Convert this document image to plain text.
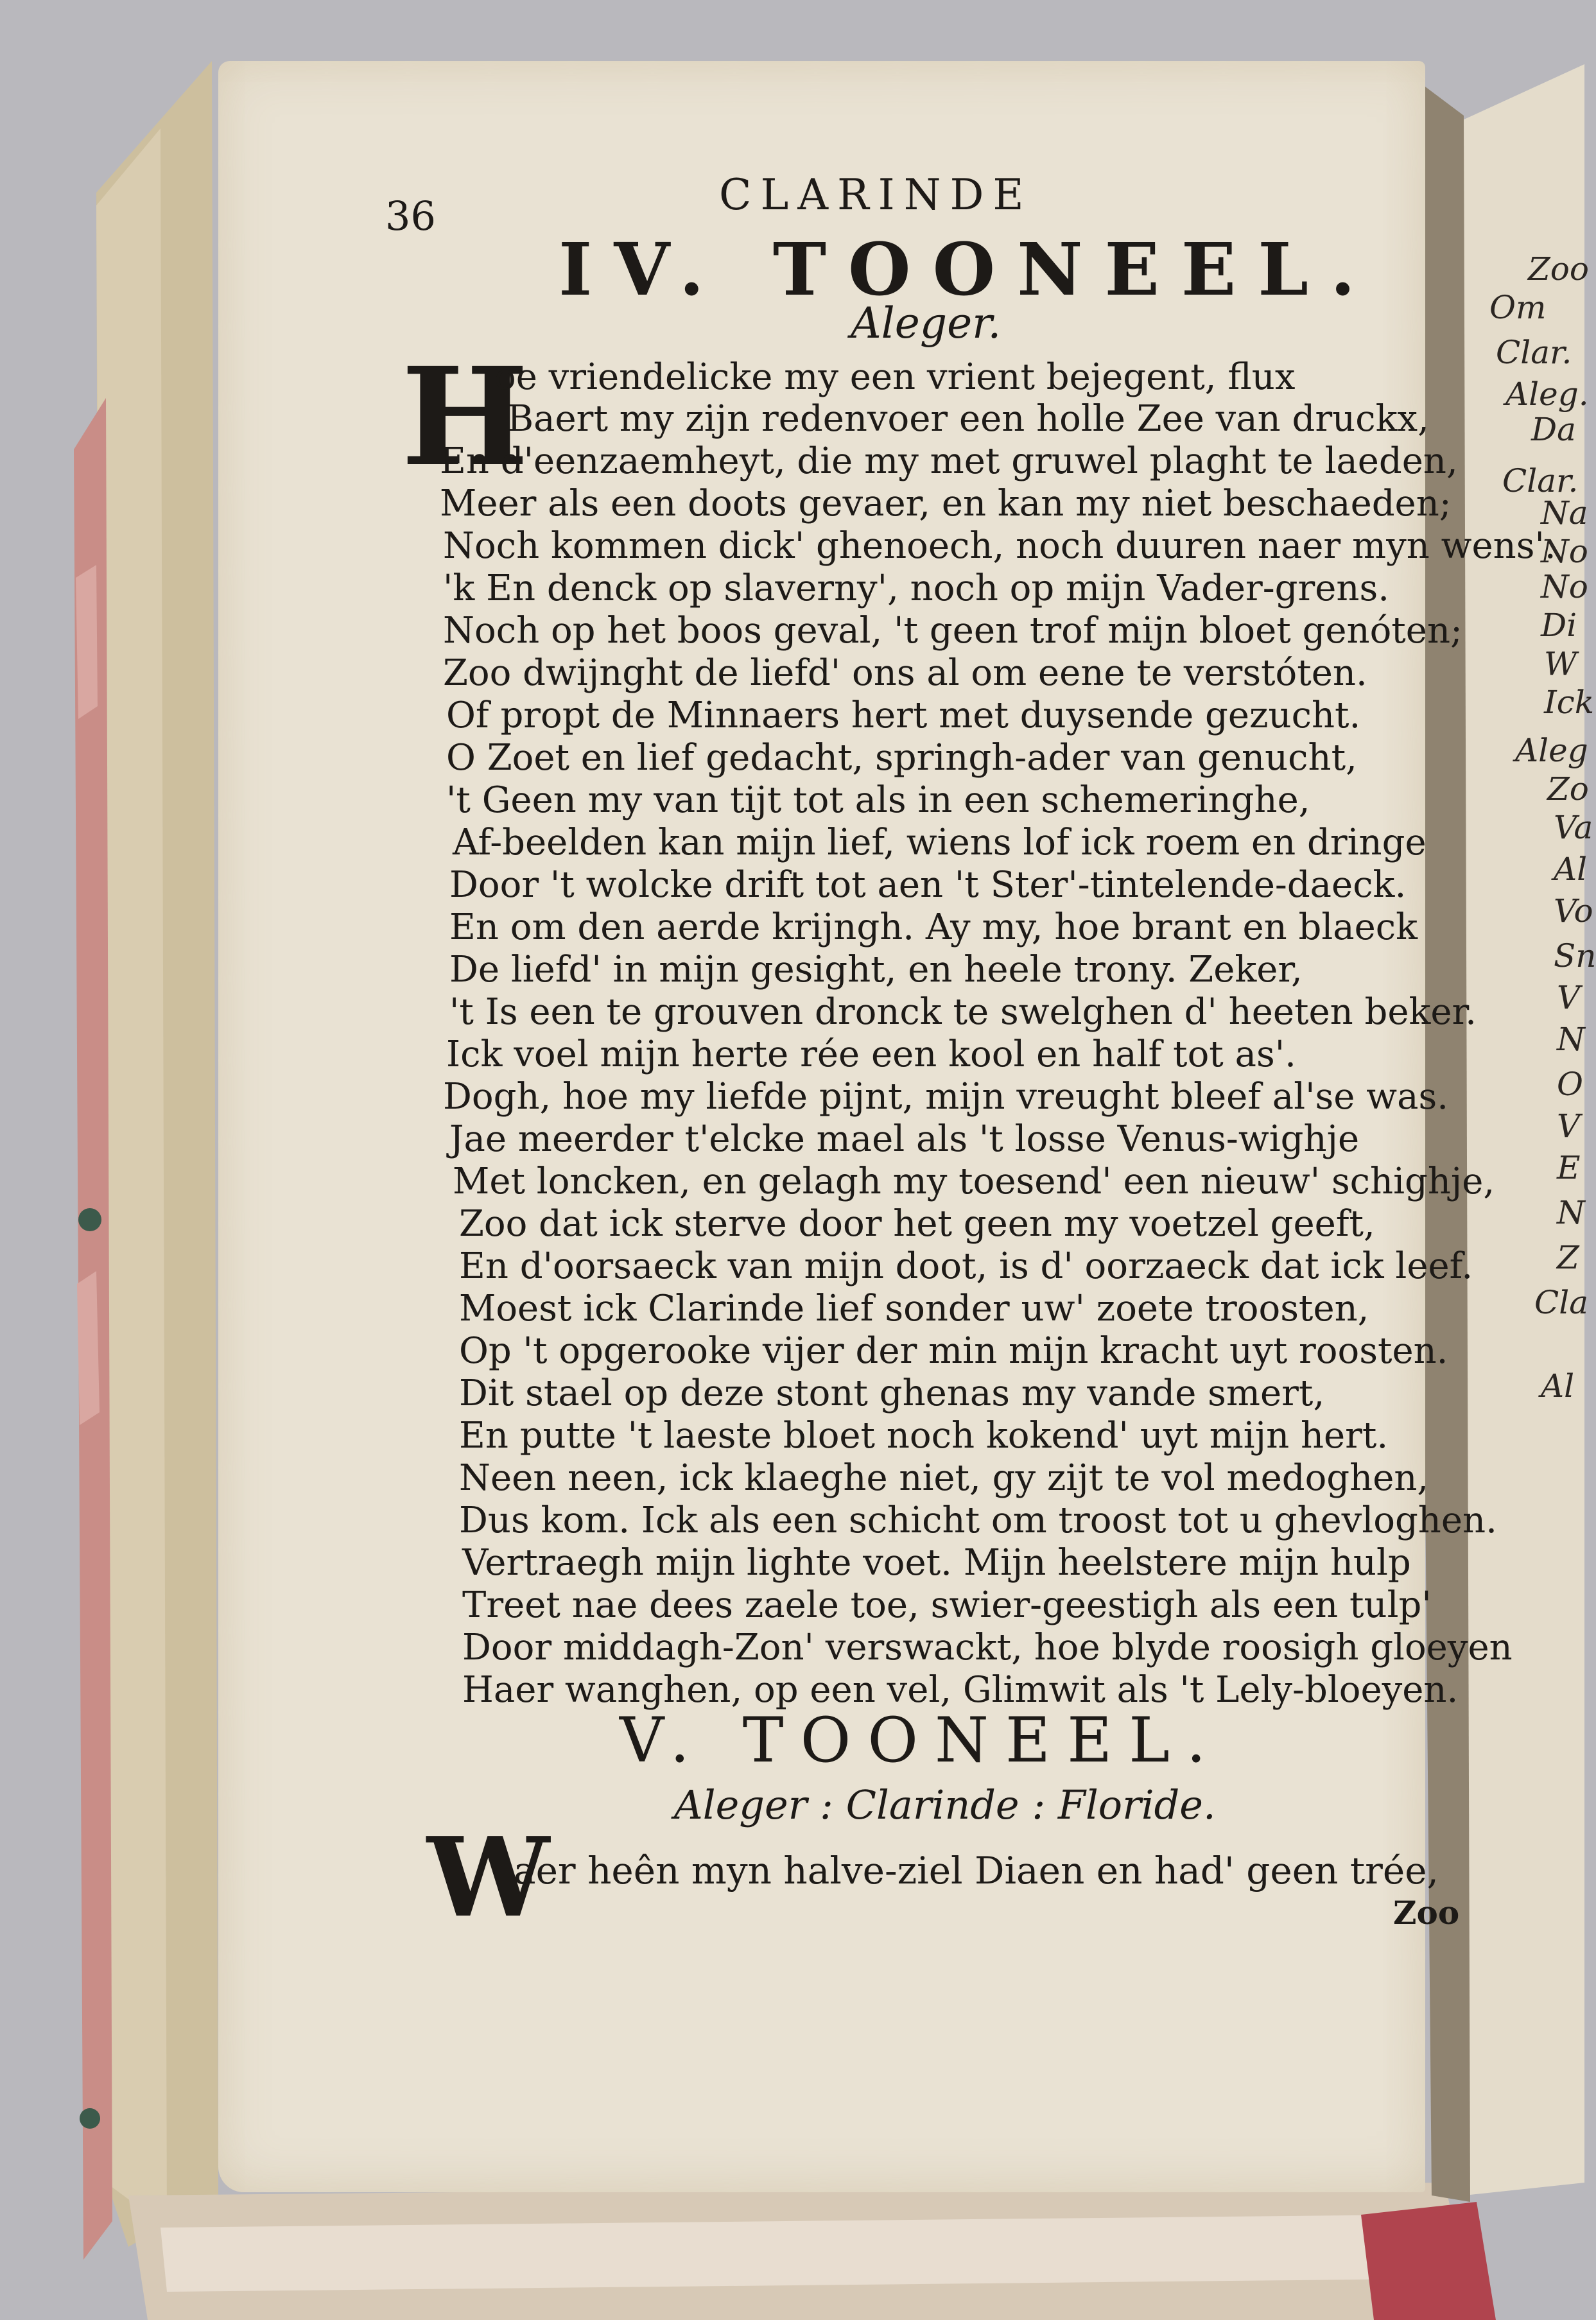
36	CLARINDE
IV. TOONEEL.
Aleger.
H
oe vriendelicke my een vrient bejegent, flux
Baert my zijn redenvoer een holle Zee van druckx,
En d'eenzaemheyt, die my met gruwel plaght te laeden,
Meer als een doots gevaer, en kan my niet beschaeden;
Noch kommen dick' ghenoech, noch duuren naer myn wens'.
'k En denck op slaverny', noch op mijn Vader-grens.
Noch op het boos geval, 't geen trof mijn bloet genóten;
Zoo dwijnght de liefd' ons al om eene te verstóten.
Of propt de Minnaers hert met duysende gezucht.
O Zoet en lief gedacht, springh-ader van genucht,
't Geen my van tijt tot als in een schemeringhe,
Af-beelden kan mijn lief, wiens lof ick roem en dringe
Door 't wolcke drift tot aen 't Ster'-tintelende-daeck.
En om den aerde krijngh. Ay my, hoe brant en blaeck
De liefd' in mijn gesight, en heele trony. Zeker,
't Is een te grouven dronck te swelghen d' heeten beker.
Ick voel mijn herte rée een kool en half tot as'.
Dogh, hoe my liefde pijnt, mijn vreught bleef al'se was.
Jae meerder t'elcke mael als 't losse Venus-wighje
Met loncken, en gelagh my toesend' een nieuw' schighje,
Zoo dat ick sterve door het geen my voetzel geeft,
En d'oorsaeck van mijn doot, is d' oorzaeck dat ick leef.
Moest ick Clarinde lief sonder uw' zoete troosten,
Op 't opgerooke vijer der min mijn kracht uyt roosten.
Dit stael op deze stont ghenas my vande smert,
En putte 't laeste bloet noch kokend' uyt mijn hert.
Neen neen, ick klaeghe niet, gy zijt te vol medoghen,
Dus kom. Ick als een schicht om troost tot u ghevloghen.
Vertraegh mijn lighte voet. Mijn heelstere mijn hulp
Treet nae dees zaele toe, swier-geestigh als een tulp'
Door middagh-Zon' verswackt, hoe blyde roosigh gloeyen
Haer wanghen, op een vel, Glimwit als 't Lely-bloeyen.
V. TOONEEL.
Aleger : Clarinde : Floride.
W
aer heên myn halve-ziel Diaen en had' geen trée,
Zoo
Zoo
Om
Clar.
Aleg.
Da
Clar.
Na
No
No
Di
W
Ick
Aleg
Zo
Va
Al
Vo
Sn
V
N
O
V
E
N
Z
Cla
Al
